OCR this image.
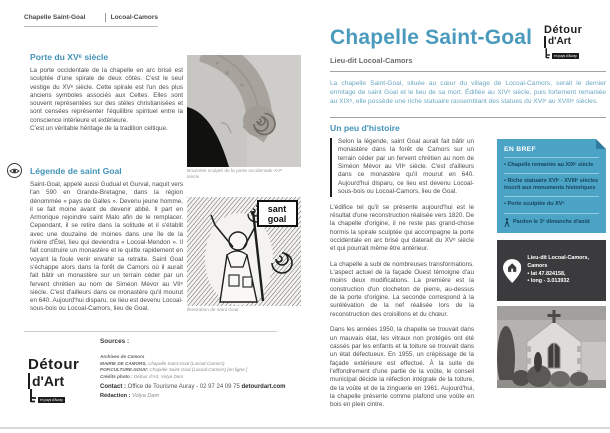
Chapelle Saint-Goal	Locoal-Camors
Porte du XVᵉ siècle

La porte occidentale de la chapelle en arc brisé est sculptée d'une spirale de deux côtés. C'est le seul vestige du XVᵉ siècle. Cette spirale est l'un des plus anciens symboles associés aux Celtes. Elles sont souvent représentées sur des stèles christianisées et sont censées représenter l'équilibre spirituel entre la conscience intérieure et extérieure.

C'est un véritable héritage de la tradition celtique.

Bourrelet sculpté de la porte occidentale XVᵉ siècle
Légende de saint Goal

Saint-Goal, appelé aussi Gudual et Gurval, naquit vers l'an 590 en Grande-Bretagne, dans la région dénommée « pays de Galles ». Devenu jeune homme, il se fait moine avant de devenir abbé. Il part en Armorique rejoindre saint Malo afin de le remplacer. Cependant, il se retire dans la solitude et il s'établit avec une douzaine de moines dans une île de la rivière d'Étel, lieu qui deviendra « Locoal-Mendon ». Il fait construire un monastère et le quitte rapidement en voyant la foule venir envahir sa retraite. Saint Goal s'échappe alors dans la forêt de Camors où il aurait fait bâtir un monastère sur un terrain céder par un fervent chrétien au nom de Siméon Mévor au VIIᵉ siècle. C'est d'ailleurs dans ce monastère qu'il mourut en 640. Aujourd'hui disparu, ce lieu est devenu Locoal-sous-bois ou Locoal-Camors, lieu de Goal.

sant
goal
Illustration de saint Goal
Détour
d'Art
en pays d'Auray
Sources :
Archives de Camors
MAIRIE DE CAMORS, Chapelle Saint-Goal (Locoal-Camors)
POP.CULTURE.GOUV: Chapelle Saint-Goal (Locoal-Camors) [en ligne ]
Crédits photo : Détour d'Art, Volya Dam
Contact : Office de Tourisme Auray - 02 97 24 09 75 detourdart.com
Rédaction : Volya Dam
Chapelle Saint-Goal
Lieu-dit Locoal-Camors
Détour
d'Art
en pays d'Auray
La chapelle Saint-Goal, située au cœur du village de Locoal-Camors, serait le dernier ermitage de saint Goal et le lieu de sa mort. Édifiée au XIVᵉ siècle, puis fortement remaniée au XIXᵉ, elle possède une riche statuaire rassemblant des statues du XVIᵉ au XVIIIᵉ siècles.
Un peu d'histoire

Selon la légende, saint Goal aurait fait bâtir un monastère dans la forêt de Camors sur un terrain céder par un fervent chrétien au nom de Siméon Mévor au VIIᵉ siècle. C'est d'ailleurs dans ce monastère qu'il mourut en 640. Aujourd'hui disparu, ce lieu est devenu Locoal-sous-bois ou Locoal-Camors, lieu de Goal.

L'édifice tel qu'il se présente aujourd'hui est le résultat d'une reconstruction réalisée vers 1820. De la chapelle d'origine, il ne reste pas grand-chose hormis la spirale sculptée qui accompagne la porte occidentale en arc brisé qui daterait du XVᵉ siècle et qui pourrait même être antérieur.

La chapelle a subi de nombreuses transformations. L'aspect actuel de la façade Ouest témoigne d'au moins deux modifications. La première est la construction d'un clocheton de pierre, au-dessus de la porte d'origine. La seconde correspond à la surélévation de la nef réalisée lors de la reconstruction des croisillons et du chœur.

Dans les années 1950, la chapelle se trouvait dans un mauvais état, les vitraux non protégés ont été cassés par les enfants et la toiture se trouvait dans un état défectueux. En 1955, un crépissage de la façade extérieure est effectué. À la suite de l'effondrement d'une partie de la voûte, le conseil municipal décide la réfection intégrale de la toiture, de la voûte et de la zinguerie en 1961. Aujourd'hui, la chapelle présente comme plafond une voûte en bois en plein cintre.

EN BREF
• Chapelle remaniée au XIXᵉ siècle
• Riche statuaire XVIᵉ - XVIIIᵉ siècles inscrit aux monuments historiques
• Porte sculptée du XVᵉ
Pardon le 3ᵉ dimanche d'août
Lieu-dit Locoal-Camors, Camors
• lat 47.824158,
• long - 3.013932
